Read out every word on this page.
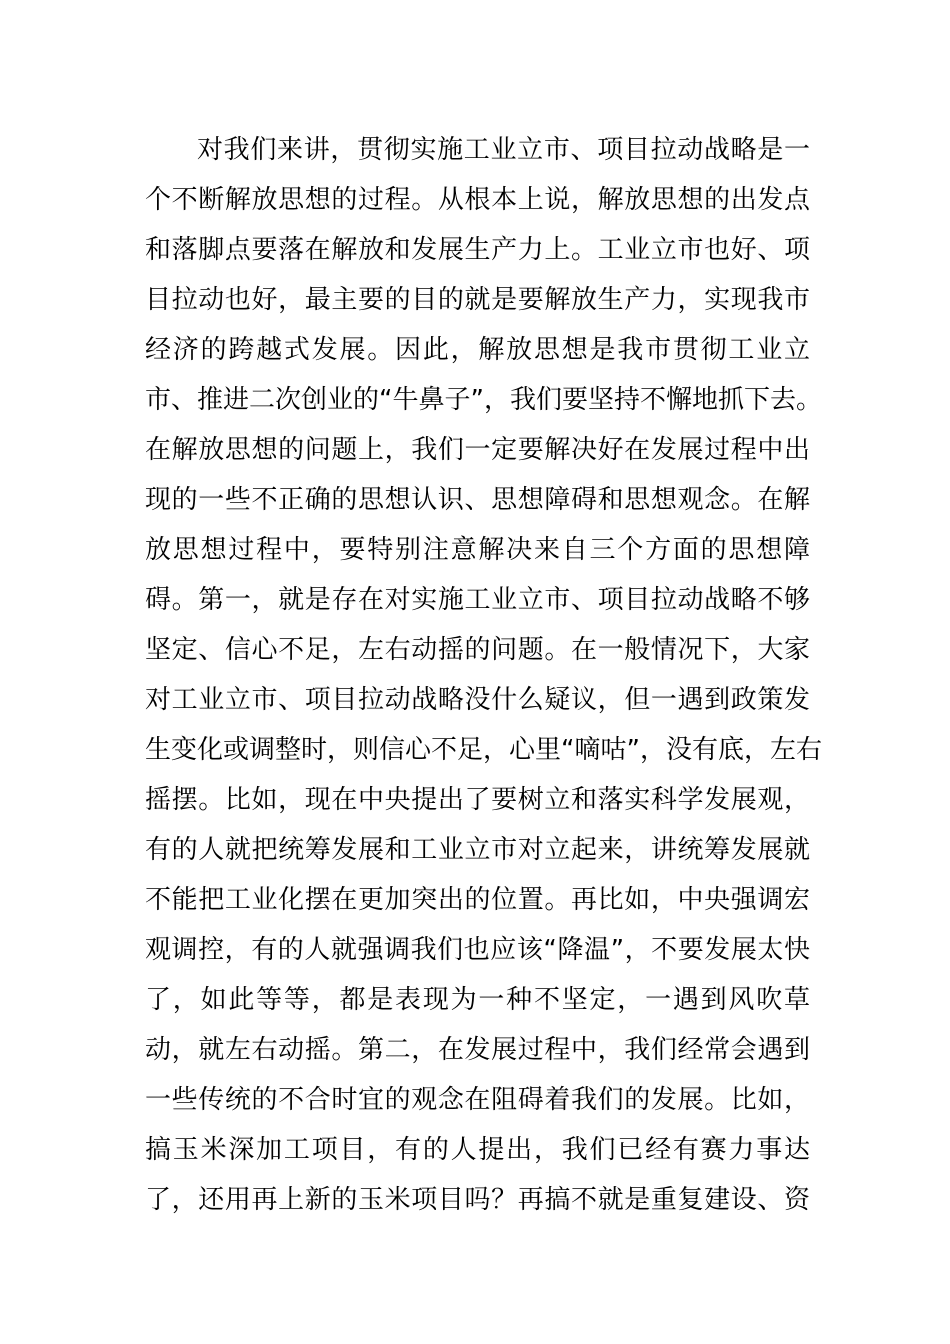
对我们来讲，贯彻实施工业立市、项目拉动战略是一
个不断解放思想的过程。从根本上说，解放思想的出发点
和落脚点要落在解放和发展生产力上。工业立市也好、项
目拉动也好，最主要的目的就是要解放生产力，实现我市
经济的跨越式发展。因此，解放思想是我市贯彻工业立
市、推进二次创业的“牛鼻子”，我们要坚持不懈地抓下去。
在解放思想的问题上，我们一定要解决好在发展过程中出
现的一些不正确的思想认识、思想障碍和思想观念。在解
放思想过程中，要特别注意解决来自三个方面的思想障
碍。第一，就是存在对实施工业立市、项目拉动战略不够
坚定、信心不足，左右动摇的问题。在一般情况下，大家
对工业立市、项目拉动战略没什么疑议，但一遇到政策发
生变化或调整时，则信心不足，心里“嘀咕”，没有底，左右
摇摆。比如，现在中央提出了要树立和落实科学发展观，
有的人就把统筹发展和工业立市对立起来，讲统筹发展就
不能把工业化摆在更加突出的位置。再比如，中央强调宏
观调控，有的人就强调我们也应该“降温”，不要发展太快
了，如此等等，都是表现为一种不坚定，一遇到风吹草
动，就左右动摇。第二，在发展过程中，我们经常会遇到
一些传统的不合时宜的观念在阻碍着我们的发展。比如，
搞玉米深加工项目，有的人提出，我们已经有赛力事达
了，还用再上新的玉米项目吗？再搞不就是重复建设、资
